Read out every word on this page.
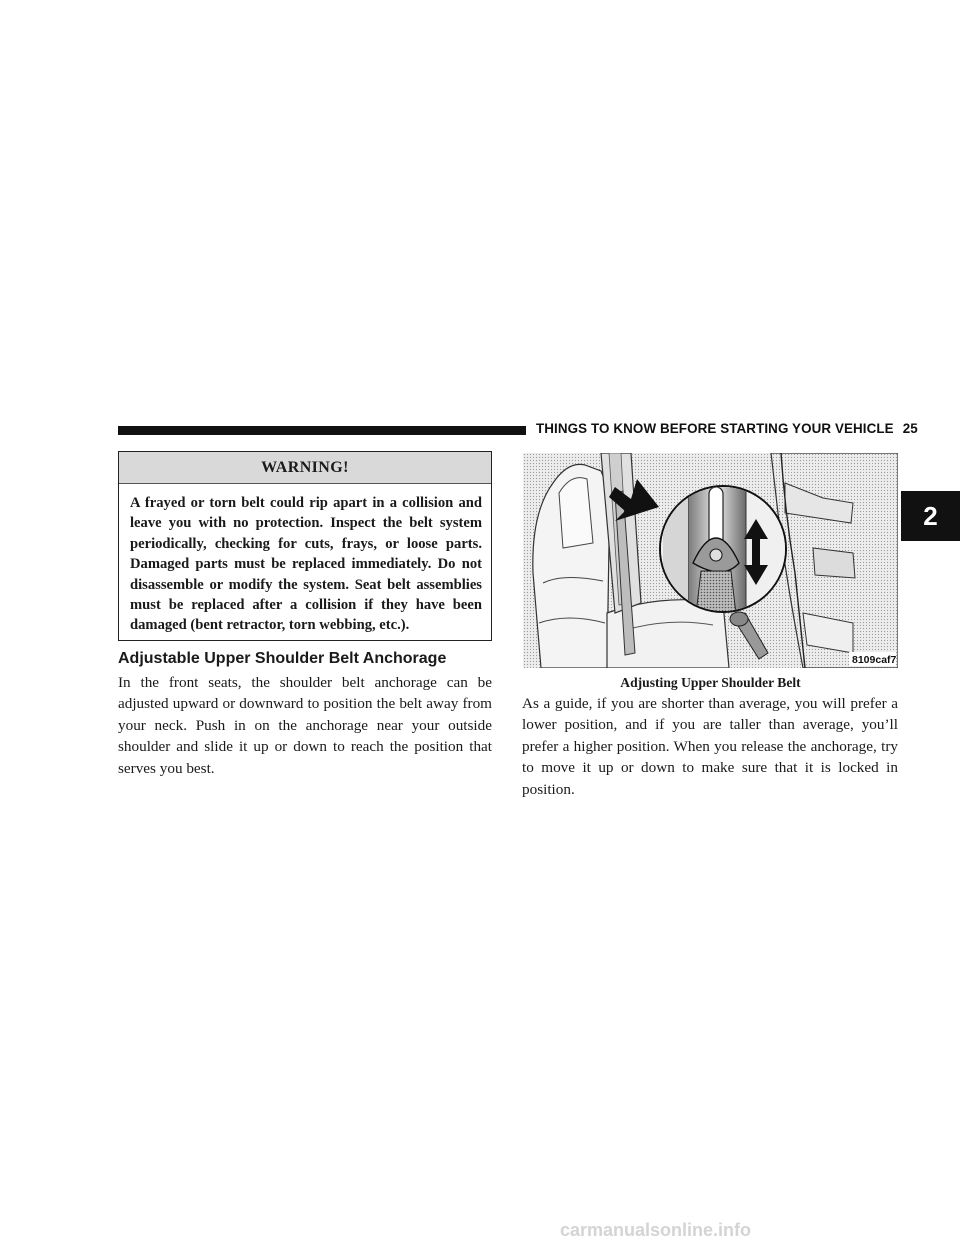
THINGS TO KNOW BEFORE STARTING YOUR VEHICLE 25
2
WARNING!
A frayed or torn belt could rip apart in a collision and leave you with no protection. Inspect the belt system periodically, checking for cuts, frays, or loose parts. Damaged parts must be replaced immediately. Do not disassemble or modify the system. Seat belt assemblies must be replaced after a collision if they have been damaged (bent retractor, torn webbing, etc.).
Adjustable Upper Shoulder Belt Anchorage
In the front seats, the shoulder belt anchorage can be adjusted upward or downward to position the belt away from your neck. Push in on the anchorage near your outside shoulder and slide it up or down to reach the position that serves you best.
8109caf7
Adjusting Upper Shoulder Belt
As a guide, if you are shorter than average, you will prefer a lower position, and if you are taller than average, you’ll prefer a higher position. When you release the anchorage, try to move it up or down to make sure that it is locked in position.
carmanualsonline.info
